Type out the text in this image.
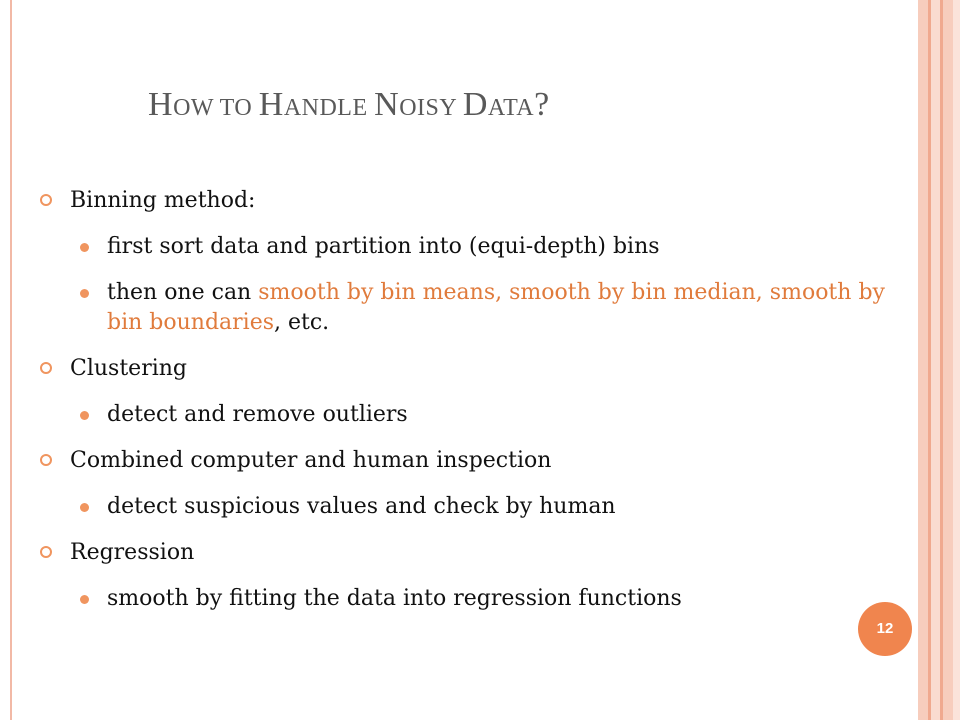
HOW TO HANDLE NOISY DATA?
Binning method:
first sort data and partition into (equi-depth) bins
then one can smooth by bin means, smooth by bin median, smooth by bin boundaries, etc.
Clustering
detect and remove outliers
Combined computer and human inspection
detect suspicious values and check by human
Regression
smooth by fitting the data into regression functions
12
